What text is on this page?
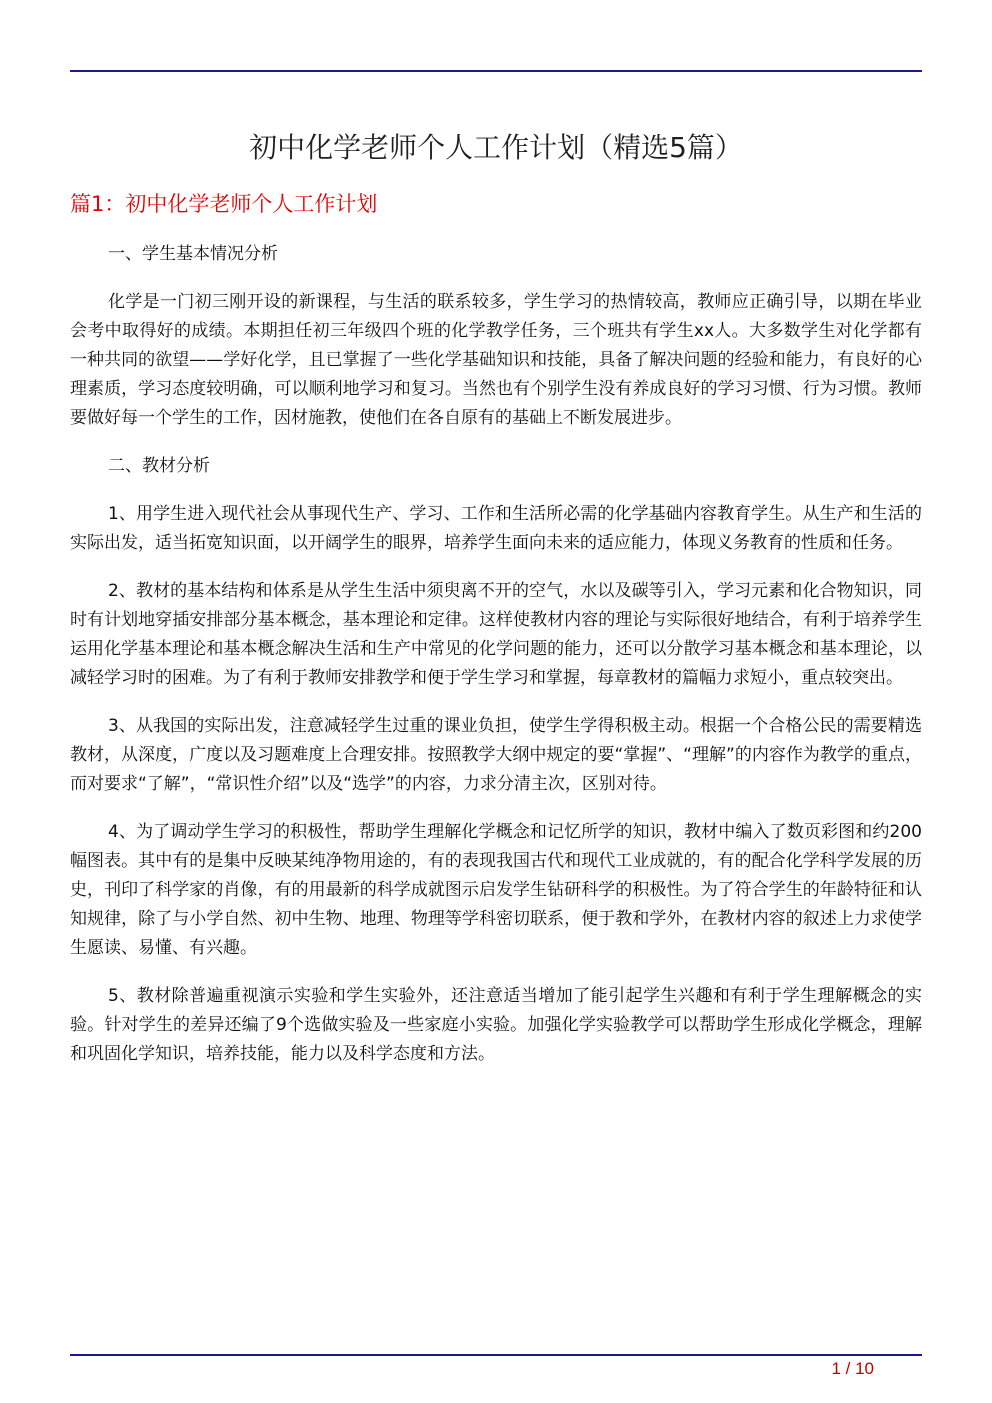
初中化学老师个人工作计划（精选5篇）
篇1：初中化学老师个人工作计划

一、学生基本情况分析

化学是一门初三刚开设的新课程，与生活的联系较多，学生学习的热情较高，教师应正确引导，以期在毕业会考中取得好的成绩。本期担任初三年级四个班的化学教学任务，三个班共有学生xx人。大多数学生对化学都有一种共同的欲望——学好化学，且已掌握了一些化学基础知识和技能，具备了解决问题的经验和能力，有良好的心理素质，学习态度较明确，可以顺利地学习和复习。当然也有个别学生没有养成良好的学习习惯、行为习惯。教师要做好每一个学生的工作，因材施教，使他们在各自原有的基础上不断发展进步。

二、教材分析

1、用学生进入现代社会从事现代生产、学习、工作和生活所必需的化学基础内容教育学生。从生产和生活的实际出发，适当拓宽知识面，以开阔学生的眼界，培养学生面向未来的适应能力，体现义务教育的性质和任务。

2、教材的基本结构和体系是从学生生活中须臾离不开的空气，水以及碳等引入，学习元素和化合物知识，同时有计划地穿插安排部分基本概念，基本理论和定律。这样使教材内容的理论与实际很好地结合，有利于培养学生运用化学基本理论和基本概念解决生活和生产中常见的化学问题的能力，还可以分散学习基本概念和基本理论，以减轻学习时的困难。为了有利于教师安排教学和便于学生学习和掌握，每章教材的篇幅力求短小，重点较突出。

3、从我国的实际出发，注意减轻学生过重的课业负担，使学生学得积极主动。根据一个合格公民的需要精选教材，从深度，广度以及习题难度上合理安排。按照教学大纲中规定的要“掌握”、“理解”的内容作为教学的重点，而对要求“了解”，“常识性介绍”以及“选学”的内容，力求分清主次，区别对待。

4、为了调动学生学习的积极性，帮助学生理解化学概念和记忆所学的知识，教材中编入了数页彩图和约200幅图表。其中有的是集中反映某纯净物用途的，有的表现我国古代和现代工业成就的，有的配合化学科学发展的历史，刊印了科学家的肖像，有的用最新的科学成就图示启发学生钻研科学的积极性。为了符合学生的年龄特征和认知规律，除了与小学自然、初中生物、地理、物理等学科密切联系，便于教和学外，在教材内容的叙述上力求使学生愿读、易懂、有兴趣。

5、教材除普遍重视演示实验和学生实验外，还注意适当增加了能引起学生兴趣和有利于学生理解概念的实验。针对学生的差异还编了9个选做实验及一些家庭小实验。加强化学实验教学可以帮助学生形成化学概念，理解和巩固化学知识，培养技能，能力以及科学态度和方法。

1 / 10
